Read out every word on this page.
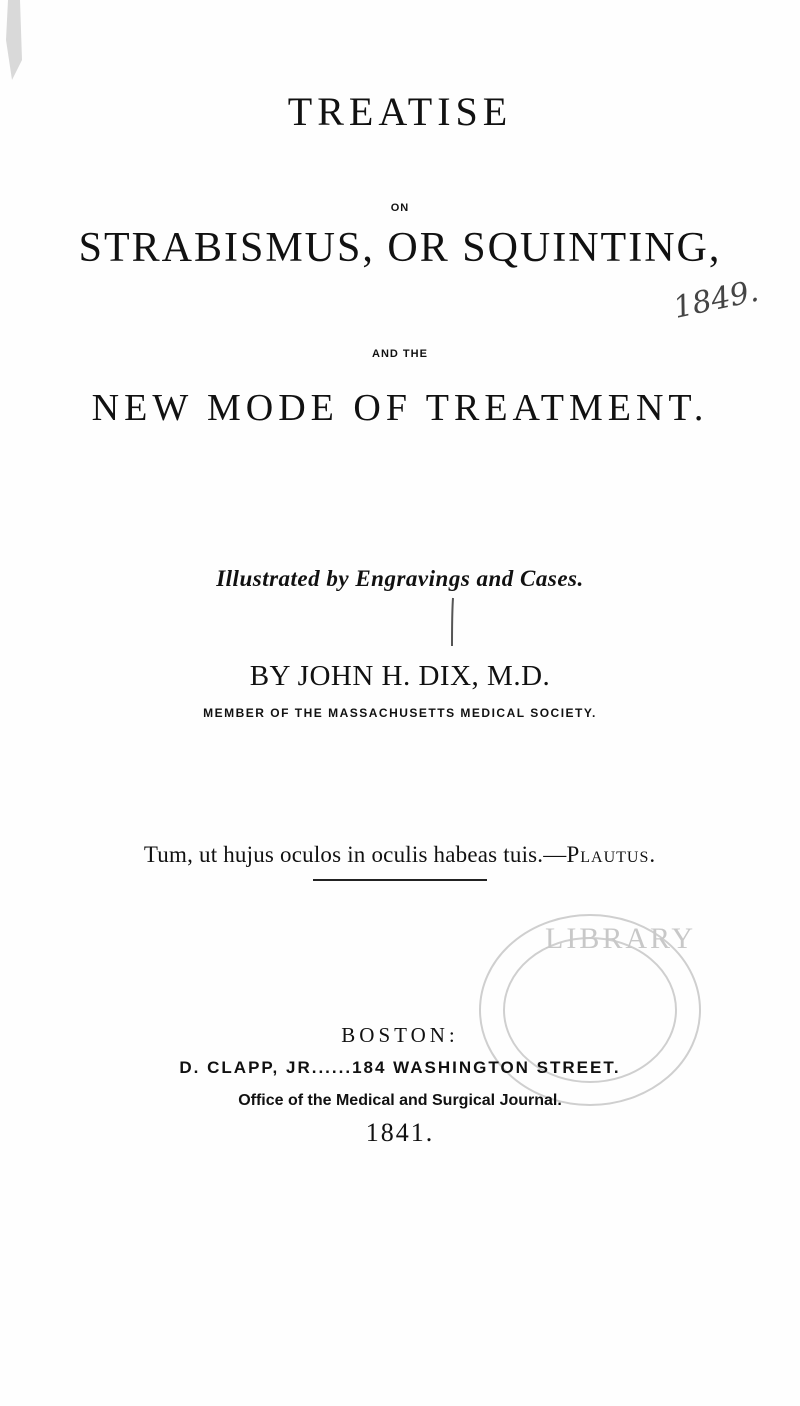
LIBRARY
1849.
TREATISE
ON
STRABISMUS, OR SQUINTING,
AND THE
NEW MODE OF TREATMENT.
Illustrated by Engravings and Cases.
BY JOHN H. DIX, M.D.
MEMBER OF THE MASSACHUSETTS MEDICAL SOCIETY.
Tum, ut hujus oculos in oculis habeas tuis.—Plautus.
BOSTON:
D. CLAPP, JR......184 WASHINGTON STREET.
Office of the Medical and Surgical Journal.
1841.
